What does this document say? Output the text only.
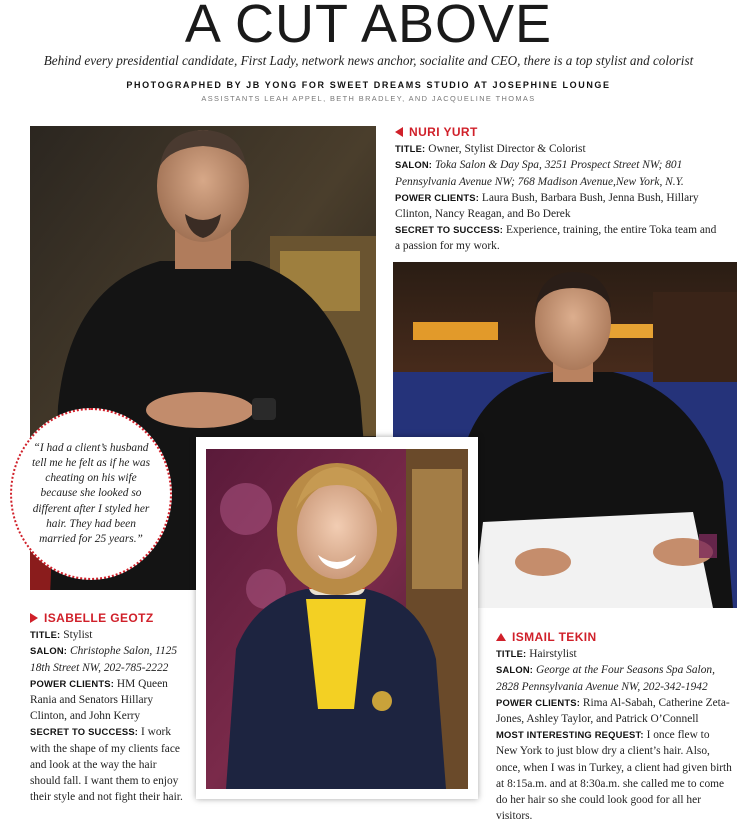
A CUT ABOVE
Behind every presidential candidate, First Lady, network news anchor, socialite and CEO, there is a top stylist and colorist
PHOTOGRAPHED BY JB YONG FOR SWEET DREAMS STUDIO AT JOSEPHINE LOUNGE
ASSISTANTS LEAH APPEL, BETH BRADLEY, AND JACQUELINE THOMAS
“I had a client’s husband tell me he felt as if he was cheating on his wife because she looked so different after I styled her hair. They had been married for 25 years.”
NURI YURT
TITLE: Owner, Stylist Director & Colorist
SALON: Toka Salon & Day Spa, 3251 Prospect Street NW; 801 Pennsylvania Avenue NW; 768 Madison Avenue,New York, N.Y.
POWER CLIENTS: Laura Bush, Barbara Bush, Jenna Bush, Hillary Clinton, Nancy Reagan, and Bo Derek
SECRET TO SUCCESS: Experience, training, the entire Toka team and a passion for my work.
ISABELLE GEOTZ
TITLE: Stylist
SALON: Christophe Salon, 1125 18th Street NW, 202-785-2222
POWER CLIENTS: HM Queen Rania and Senators Hillary Clinton, and John Kerry
SECRET TO SUCCESS: I work with the shape of my clients face and look at the way the hair should fall. I want them to enjoy their style and not fight their hair.
ISMAIL TEKIN
TITLE: Hairstylist
SALON: George at the Four Seasons Spa Salon, 2828 Pennsylvania Avenue NW, 202-342-1942
POWER CLIENTS: Rima Al-Sabah, Catherine Zeta-Jones, Ashley Taylor, and Patrick O’Connell
MOST INTERESTING REQUEST: I once flew to New York to just blow dry a client’s hair. Also, once, when I was in Turkey, a client had given birth at 8:15a.m. and at 8:30a.m. she called me to come do her hair so she could look good for all her visitors.
